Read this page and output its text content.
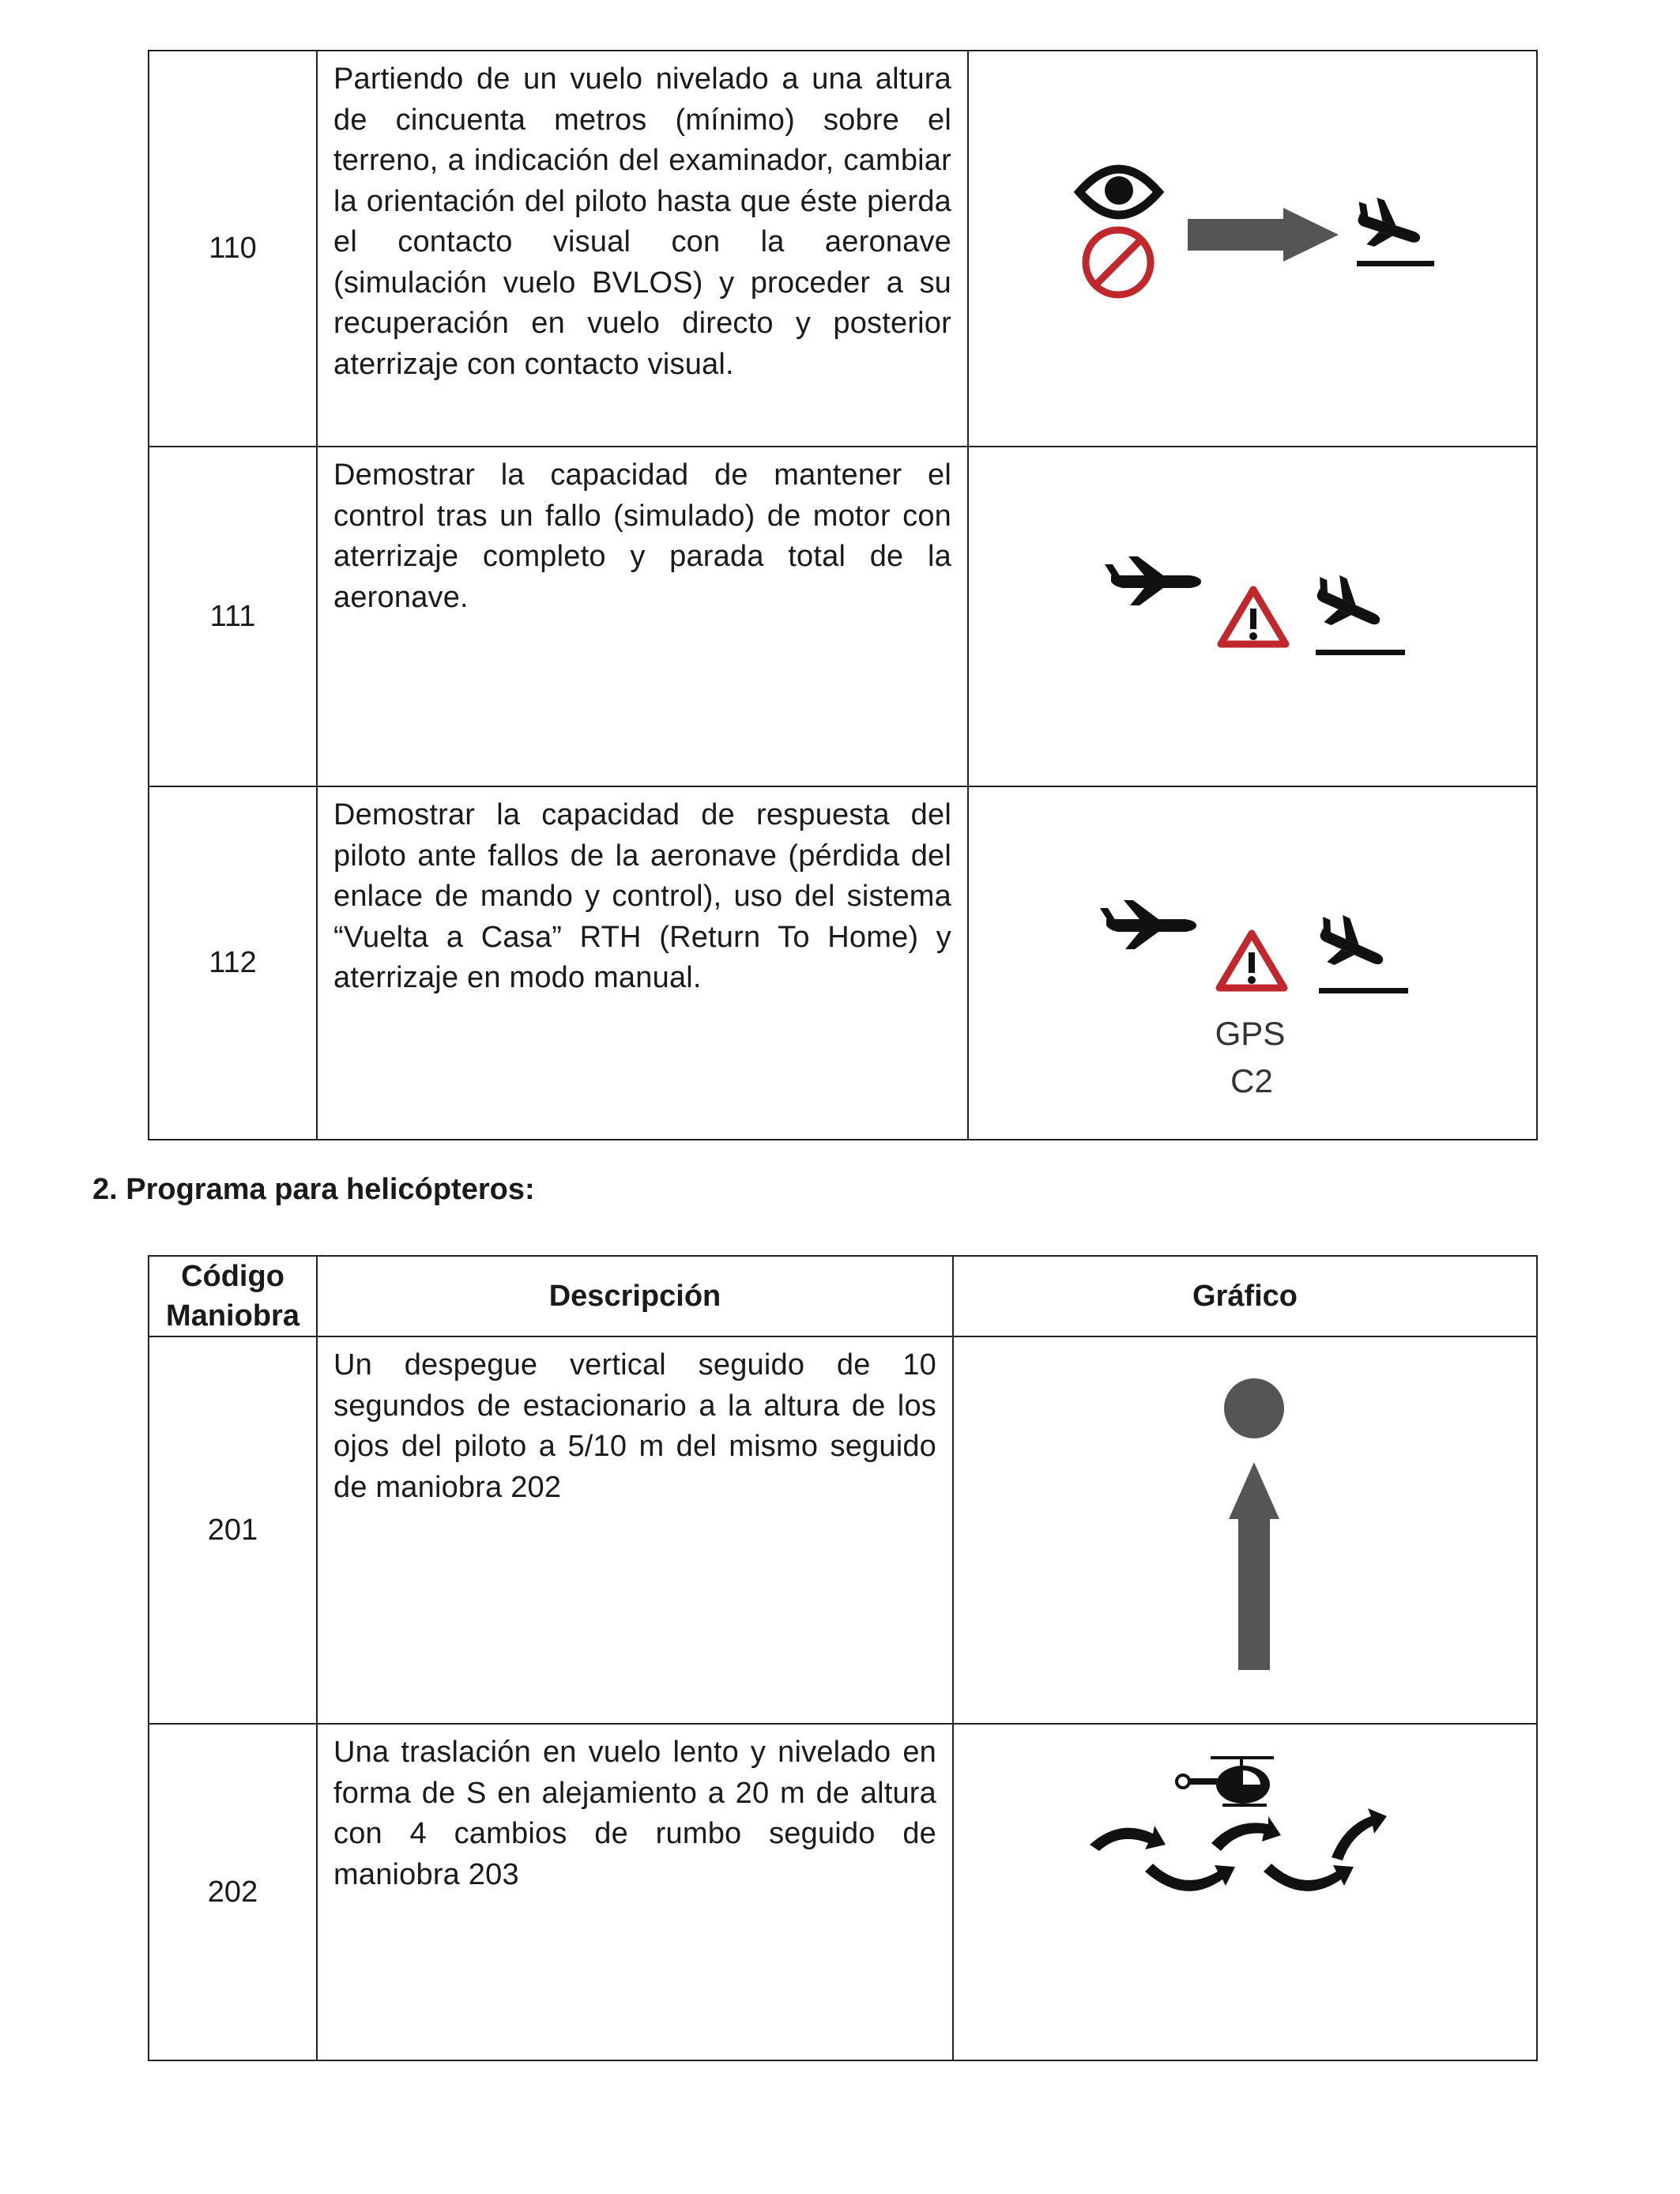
110	Partiendo de un vuelo nivelado a una altura de cincuenta metros (mínimo) sobre el terreno, a indicación del examinador, cambiar la orientación del piloto hasta que éste pierda el contacto visual con la aeronave (simulación vuelo BVLOS) y proceder a su recuperación en vuelo directo y posterior aterrizaje con contacto visual.	

111	Demostrar la capacidad de mantener el control tras un fallo (simulado) de motor con aterrizaje completo y parada total de la aeronave.	

112	Demostrar la capacidad de respuesta del piloto ante fallos de la aeronave (pérdida del enlace de mando y control), uso del sistema “Vuelta a Casa” RTH (Return To Home) y aterrizaje en modo manual.	GPS
C2
2. Programa para helicópteros:
Código
Maniobra	Descripción	Gráfico
201	Un despegue vertical seguido de 10 segundos de estacionario a la altura de los ojos del piloto a 5/10 m del mismo seguido de maniobra 202	

202	Una traslación en vuelo lento y nivelado en forma de S en alejamiento a 20 m de altura con 4 cambios de rumbo seguido de maniobra 203	
